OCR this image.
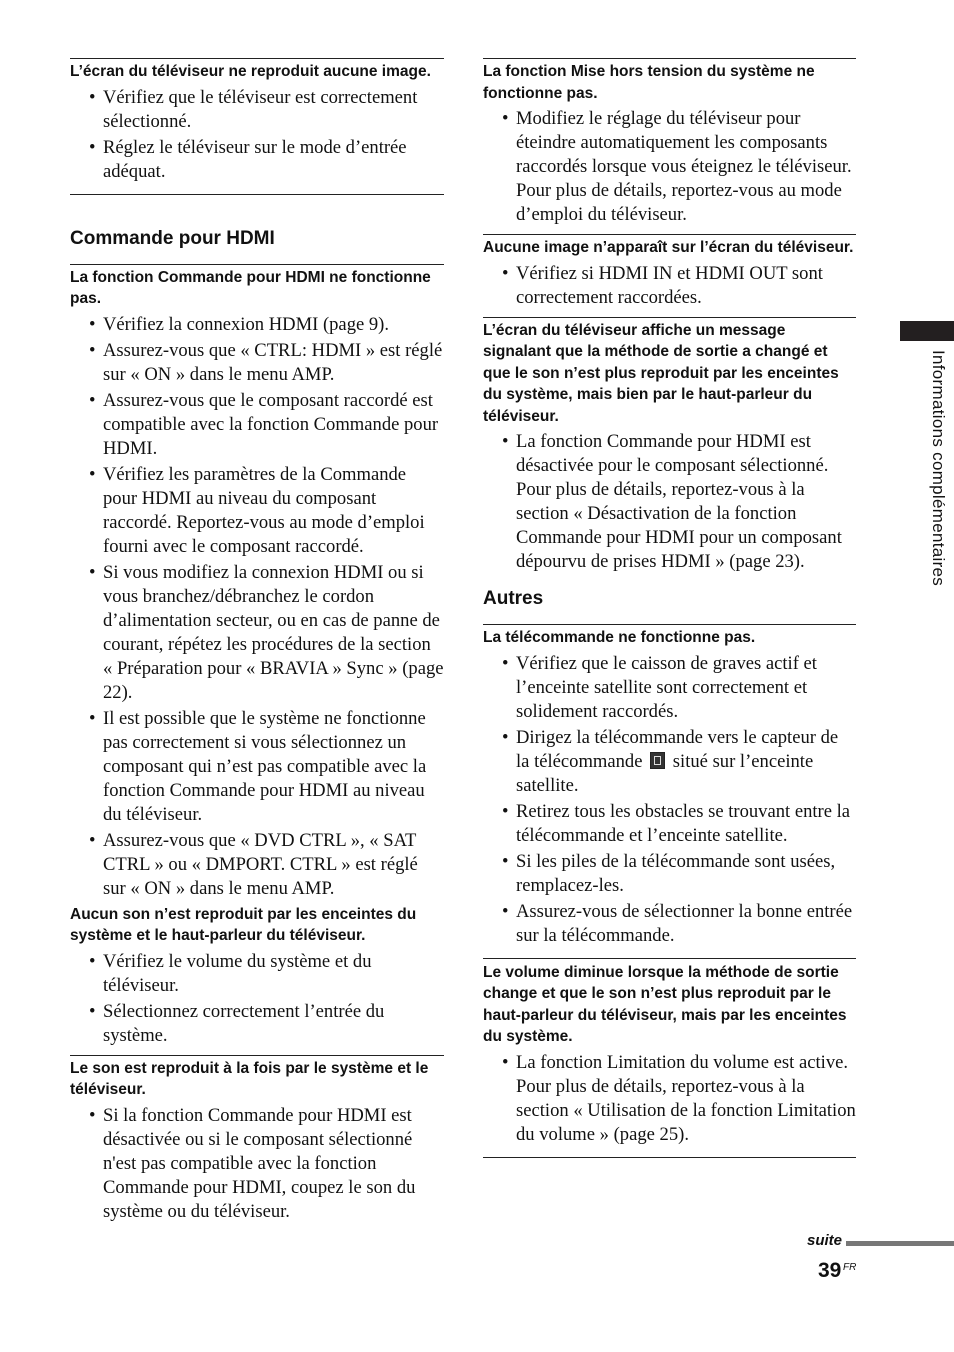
L’écran du téléviseur ne reproduit aucune image.

• Vérifiez que le téléviseur est correctement sélectionné.
• Réglez le téléviseur sur le mode d’entrée adéquat.
Commande pour HDMI

La fonction Commande pour HDMI ne fonctionne pas.

• Vérifiez la connexion HDMI (page 9).
• Assurez-vous que « CTRL: HDMI » est réglé sur « ON » dans le menu AMP.
• Assurez-vous que le composant raccordé est compatible avec la fonction Commande pour HDMI.
• Vérifiez les paramètres de la Commande pour HDMI au niveau du composant raccordé. Reportez-vous au mode d’emploi fourni avec le composant raccordé.
• Si vous modifiez la connexion HDMI ou si vous branchez/débranchez le cordon d’alimentation secteur, ou en cas de panne de courant, répétez les procédures de la section « Préparation pour « BRAVIA » Sync » (page 22).
• Il est possible que le système ne fonctionne pas correctement si vous sélectionnez un composant qui n’est pas compatible avec la fonction Commande pour HDMI au niveau du téléviseur.
• Assurez-vous que « DVD CTRL », « SAT CTRL » ou « DMPORT. CTRL » est réglé sur « ON » dans le menu AMP.

Aucun son n’est reproduit par les enceintes du système et le haut-parleur du téléviseur.

• Vérifiez le volume du système et du téléviseur.
• Sélectionnez correctement l’entrée du système.

Le son est reproduit à la fois par le système et le téléviseur.

• Si la fonction Commande pour HDMI est désactivée ou si le composant sélectionné n'est pas compatible avec la fonction Commande pour HDMI, coupez le son du système ou du téléviseur.

La fonction Mise hors tension du système ne fonctionne pas.

• Modifiez le réglage du téléviseur pour éteindre automatiquement les composants raccordés lorsque vous éteignez le téléviseur. Pour plus de détails, reportez-vous au mode d’emploi du téléviseur.

Aucune image n’apparaît sur l’écran du téléviseur.

• Vérifiez si HDMI IN et HDMI OUT sont correctement raccordées.

L’écran du téléviseur affiche un message signalant que la méthode de sortie a changé et que le son n’est plus reproduit par les enceintes du système, mais bien par le haut-parleur du téléviseur.

• La fonction Commande pour HDMI est désactivée pour le composant sélectionné. Pour plus de détails, reportez-vous à la section « Désactivation de la fonction Commande pour HDMI pour un composant dépourvu de prises HDMI » (page 23).
Autres

La télécommande ne fonctionne pas.

• Vérifiez que le caisson de graves actif et l’enceinte satellite sont correctement et solidement raccordés.
• Dirigez la télécommande vers le capteur de la télécommande situé sur l’enceinte satellite.
• Retirez tous les obstacles se trouvant entre la télécommande et l’enceinte satellite.
• Si les piles de la télécommande sont usées, remplacez-les.
• Assurez-vous de sélectionner la bonne entrée sur la télécommande.

Le volume diminue lorsque la méthode de sortie change et que le son n’est plus reproduit par le haut-parleur du téléviseur, mais par les enceintes du système.

• La fonction Limitation du volume est active. Pour plus de détails, reportez-vous à la section « Utilisation de la fonction Limitation du volume » (page 25).
Informations complémentaires
suite
39 FR
